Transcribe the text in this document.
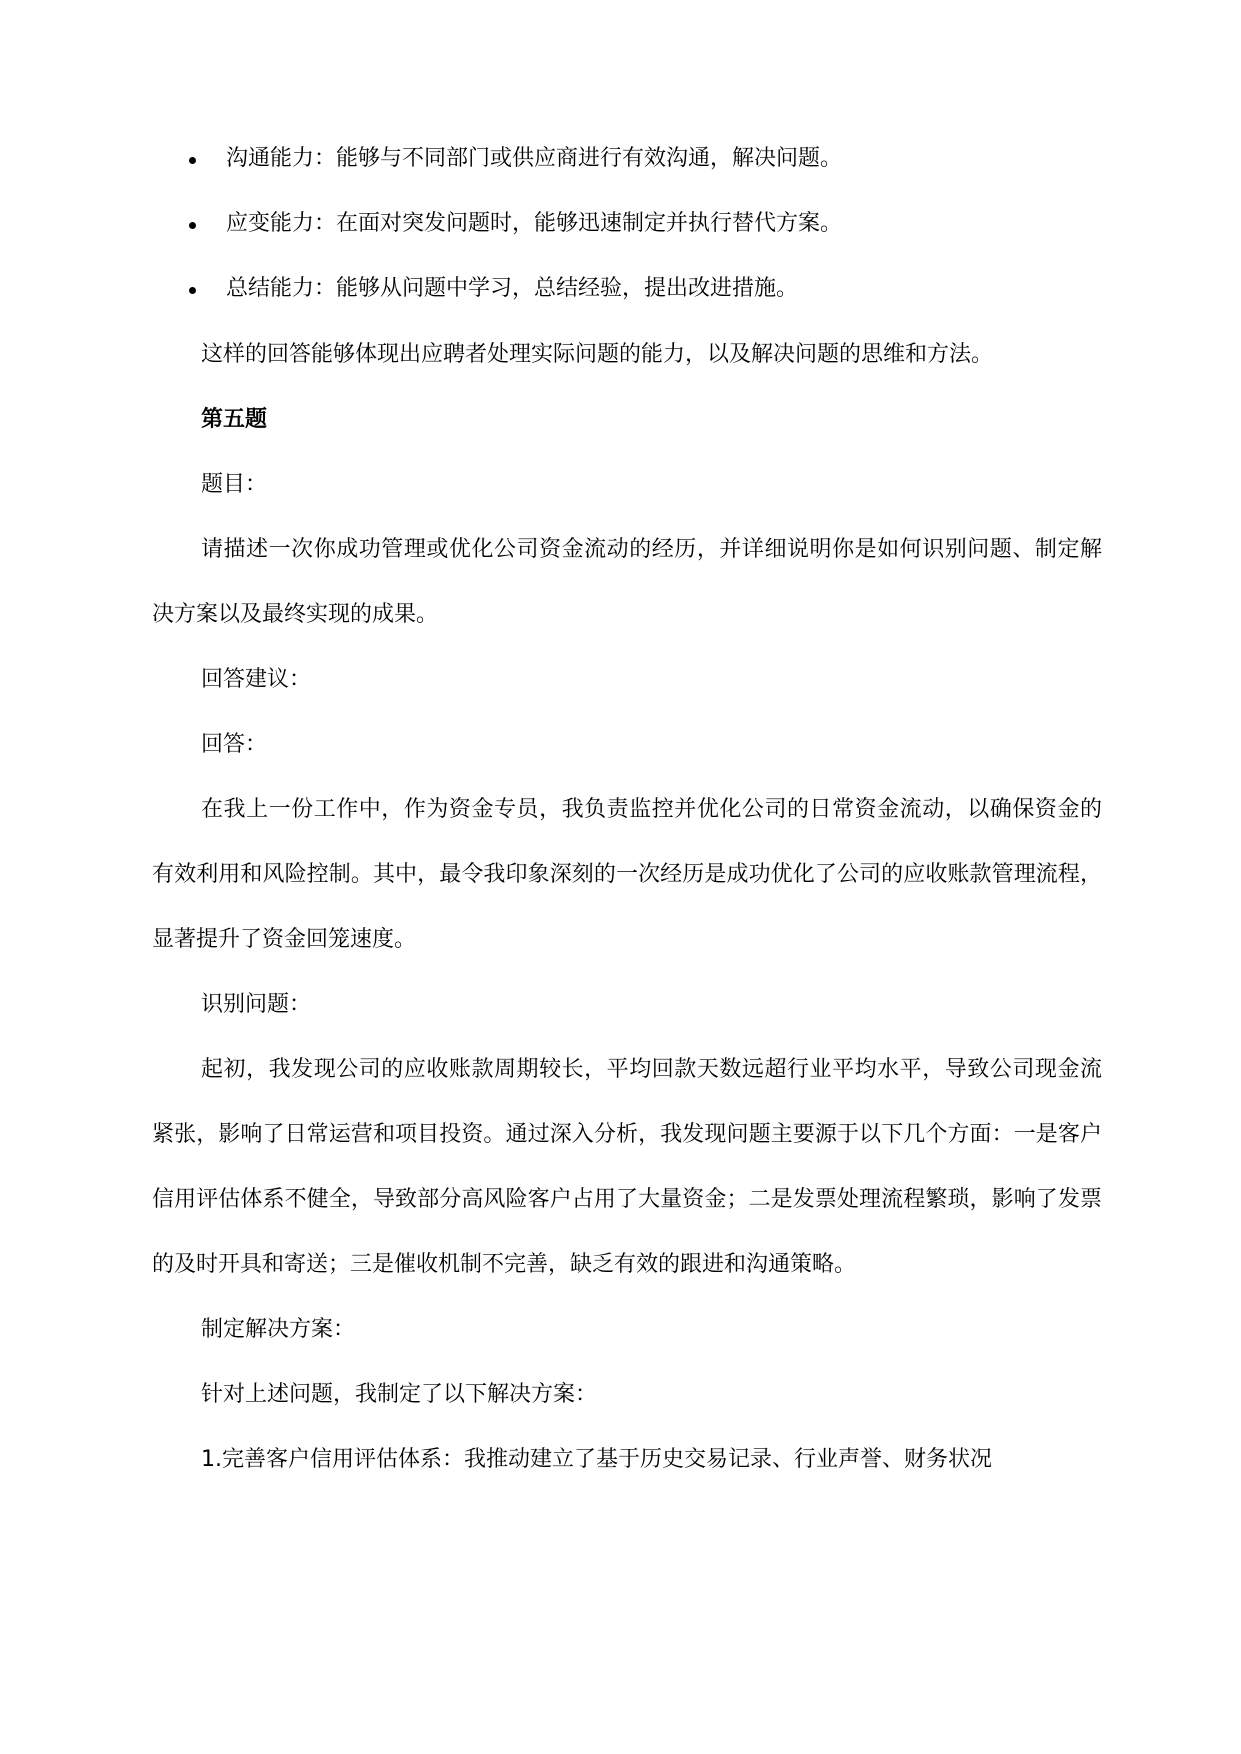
沟通能力：能够与不同部门或供应商进行有效沟通，解决问题。
应变能力：在面对突发问题时，能够迅速制定并执行替代方案。
总结能力：能够从问题中学习，总结经验，提出改进措施。

这样的回答能够体现出应聘者处理实际问题的能力，以及解决问题的思维和方法。

第五题

题目：

请描述一次你成功管理或优化公司资金流动的经历，并详细说明你是如何识别问题、制定解决方案以及最终实现的成果。

回答建议：

回答：

在我上一份工作中，作为资金专员，我负责监控并优化公司的日常资金流动，以确保资金的有效利用和风险控制。其中，最令我印象深刻的一次经历是成功优化了公司的应收账款管理流程，显著提升了资金回笼速度。

识别问题：

起初，我发现公司的应收账款周期较长，平均回款天数远超行业平均水平，导致公司现金流紧张，影响了日常运营和项目投资。通过深入分析，我发现问题主要源于以下几个方面：一是客户信用评估体系不健全，导致部分高风险客户占用了大量资金；二是发票处理流程繁琐，影响了发票的及时开具和寄送；三是催收机制不完善，缺乏有效的跟进和沟通策略。

制定解决方案：

针对上述问题，我制定了以下解决方案：

1.完善客户信用评估体系：我推动建立了基于历史交易记录、行业声誉、财务状况
